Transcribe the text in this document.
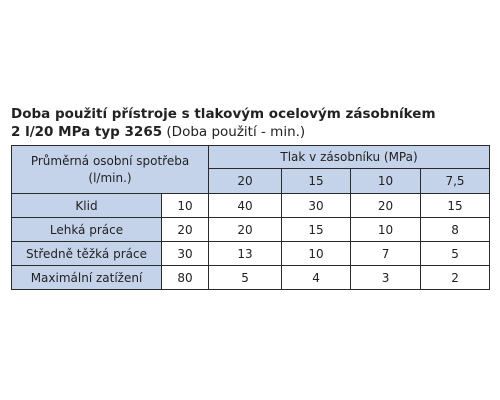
Doba použití přístroje s tlakovým ocelovým zásobníkem
2 l/20 MPa typ 3265 (Doba použití - min.)
Průměrná osobní spotřeba
(l/min.)		Tlak v zásobníku (MPa)			
		20	15	10	7,5
Klid	10	40	30	20	15
Lehká práce	20	20	15	10	8
Středně těžká práce	30	13	10	7	5
Maximální zatížení	80	5	4	3	2
